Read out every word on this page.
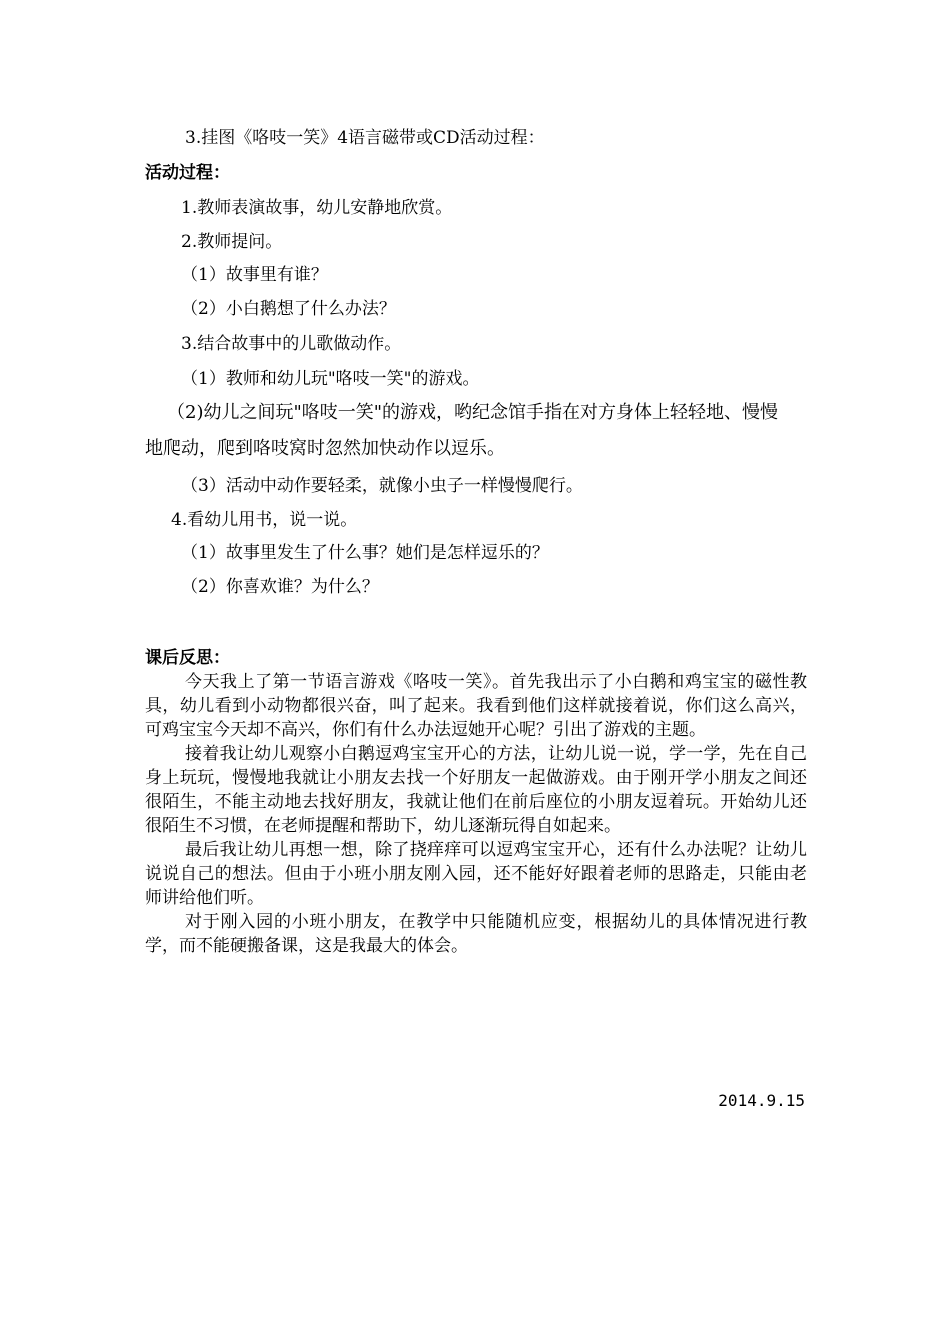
3.挂图《咯吱一笑》4语言磁带或CD活动过程：
活动过程：
1.教师表演故事，幼儿安静地欣赏。
2.教师提问。
（1）故事里有谁？
（2）小白鹅想了什么办法？
3.结合故事中的儿歌做动作。
（1）教师和幼儿玩"咯吱一笑"的游戏。
（2)幼儿之间玩"咯吱一笑"的游戏，哟纪念馆手指在对方身体上轻轻地、慢慢
地爬动，爬到咯吱窝时忽然加快动作以逗乐。
（3）活动中动作要轻柔，就像小虫子一样慢慢爬行。
4.看幼儿用书，说一说。
（1）故事里发生了什么事？她们是怎样逗乐的？
（2）你喜欢谁？为什么？
课后反思：

今天我上了第一节语言游戏《咯吱一笑》。首先我出示了小白鹅和鸡宝宝的磁性教具，幼儿看到小动物都很兴奋，叫了起来。我看到他们这样就接着说，你们这么高兴，可鸡宝宝今天却不高兴，你们有什么办法逗她开心呢？引出了游戏的主题。

接着我让幼儿观察小白鹅逗鸡宝宝开心的方法，让幼儿说一说，学一学，先在自己身上玩玩，慢慢地我就让小朋友去找一个好朋友一起做游戏。由于刚开学小朋友之间还很陌生，不能主动地去找好朋友，我就让他们在前后座位的小朋友逗着玩。开始幼儿还很陌生不习惯，在老师提醒和帮助下，幼儿逐渐玩得自如起来。

最后我让幼儿再想一想，除了挠痒痒可以逗鸡宝宝开心，还有什么办法呢？让幼儿说说自己的想法。但由于小班小朋友刚入园，还不能好好跟着老师的思路走，只能由老师讲给他们听。

对于刚入园的小班小朋友，在教学中只能随机应变，根据幼儿的具体情况进行教学，而不能硬搬备课，这是我最大的体会。

2014.9.15
